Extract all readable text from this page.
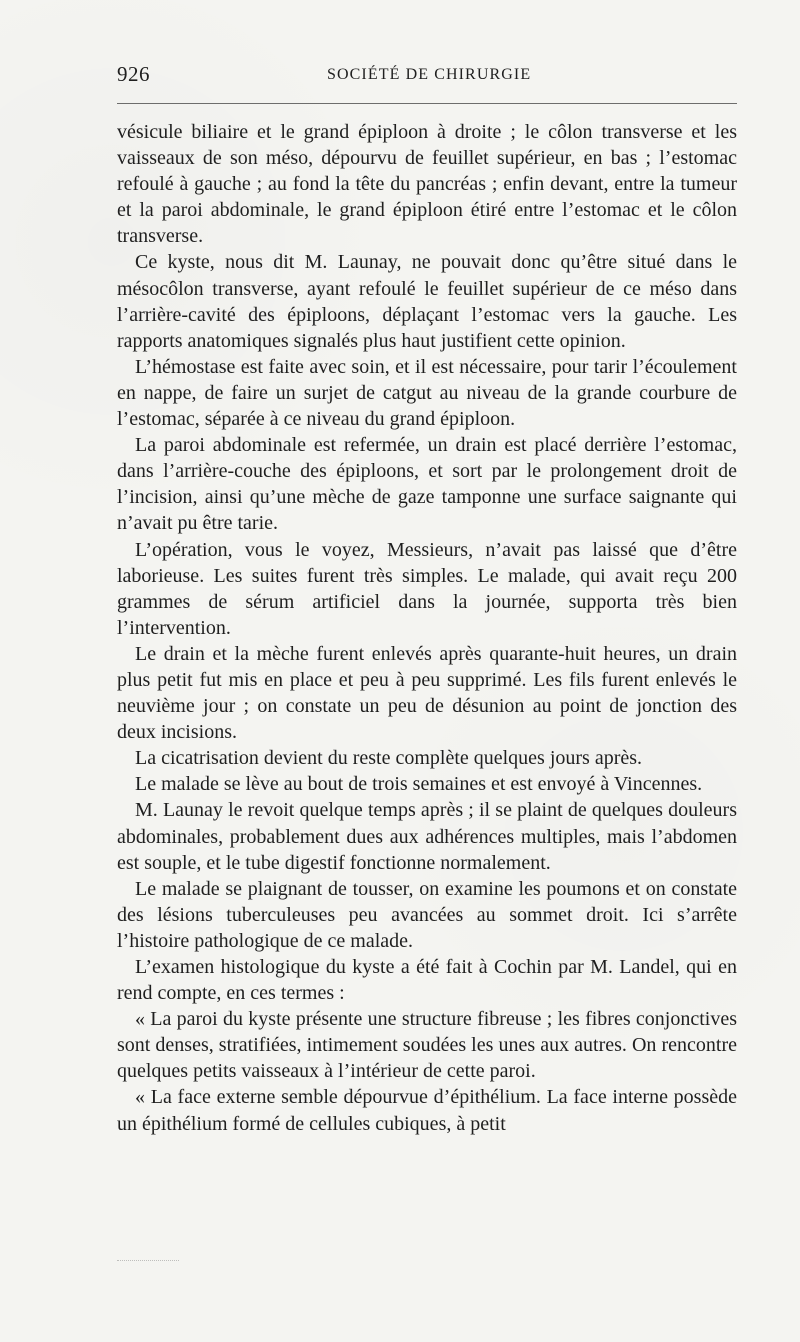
926	SOCIÉTÉ DE CHIRURGIE

vésicule biliaire et le grand épiploon à droite ; le côlon transverse et les vaisseaux de son méso, dépourvu de feuillet supérieur, en bas ; l’estomac refoulé à gauche ; au fond la tête du pancréas ; enfin devant, entre la tumeur et la paroi abdominale, le grand épiploon étiré entre l’estomac et le côlon transverse.

Ce kyste, nous dit M. Launay, ne pouvait donc qu’être situé dans le mésocôlon transverse, ayant refoulé le feuillet supérieur de ce méso dans l’arrière-cavité des épiploons, déplaçant l’estomac vers la gauche. Les rapports anatomiques signalés plus haut justifient cette opinion.

L’hémostase est faite avec soin, et il est nécessaire, pour tarir l’écoulement en nappe, de faire un surjet de catgut au niveau de la grande courbure de l’estomac, séparée à ce niveau du grand épiploon.

La paroi abdominale est refermée, un drain est placé derrière l’estomac, dans l’arrière-couche des épiploons, et sort par le prolongement droit de l’incision, ainsi qu’une mèche de gaze tamponne une surface saignante qui n’avait pu être tarie.

L’opération, vous le voyez, Messieurs, n’avait pas laissé que d’être laborieuse. Les suites furent très simples. Le malade, qui avait reçu 200 grammes de sérum artificiel dans la journée, supporta très bien l’intervention.

Le drain et la mèche furent enlevés après quarante-huit heures, un drain plus petit fut mis en place et peu à peu supprimé. Les fils furent enlevés le neuvième jour ; on constate un peu de désunion au point de jonction des deux incisions.

La cicatrisation devient du reste complète quelques jours après.

Le malade se lève au bout de trois semaines et est envoyé à Vincennes.

M. Launay le revoit quelque temps après ; il se plaint de quelques douleurs abdominales, probablement dues aux adhérences multiples, mais l’abdomen est souple, et le tube digestif fonctionne normalement.

Le malade se plaignant de tousser, on examine les poumons et on constate des lésions tuberculeuses peu avancées au sommet droit. Ici s’arrête l’histoire pathologique de ce malade.

L’examen histologique du kyste a été fait à Cochin par M. Landel, qui en rend compte, en ces termes :

« La paroi du kyste présente une structure fibreuse ; les fibres conjonctives sont denses, stratifiées, intimement soudées les unes aux autres. On rencontre quelques petits vaisseaux à l’intérieur de cette paroi.

« La face externe semble dépourvue d’épithélium. La face interne possède un épithélium formé de cellules cubiques, à petit
